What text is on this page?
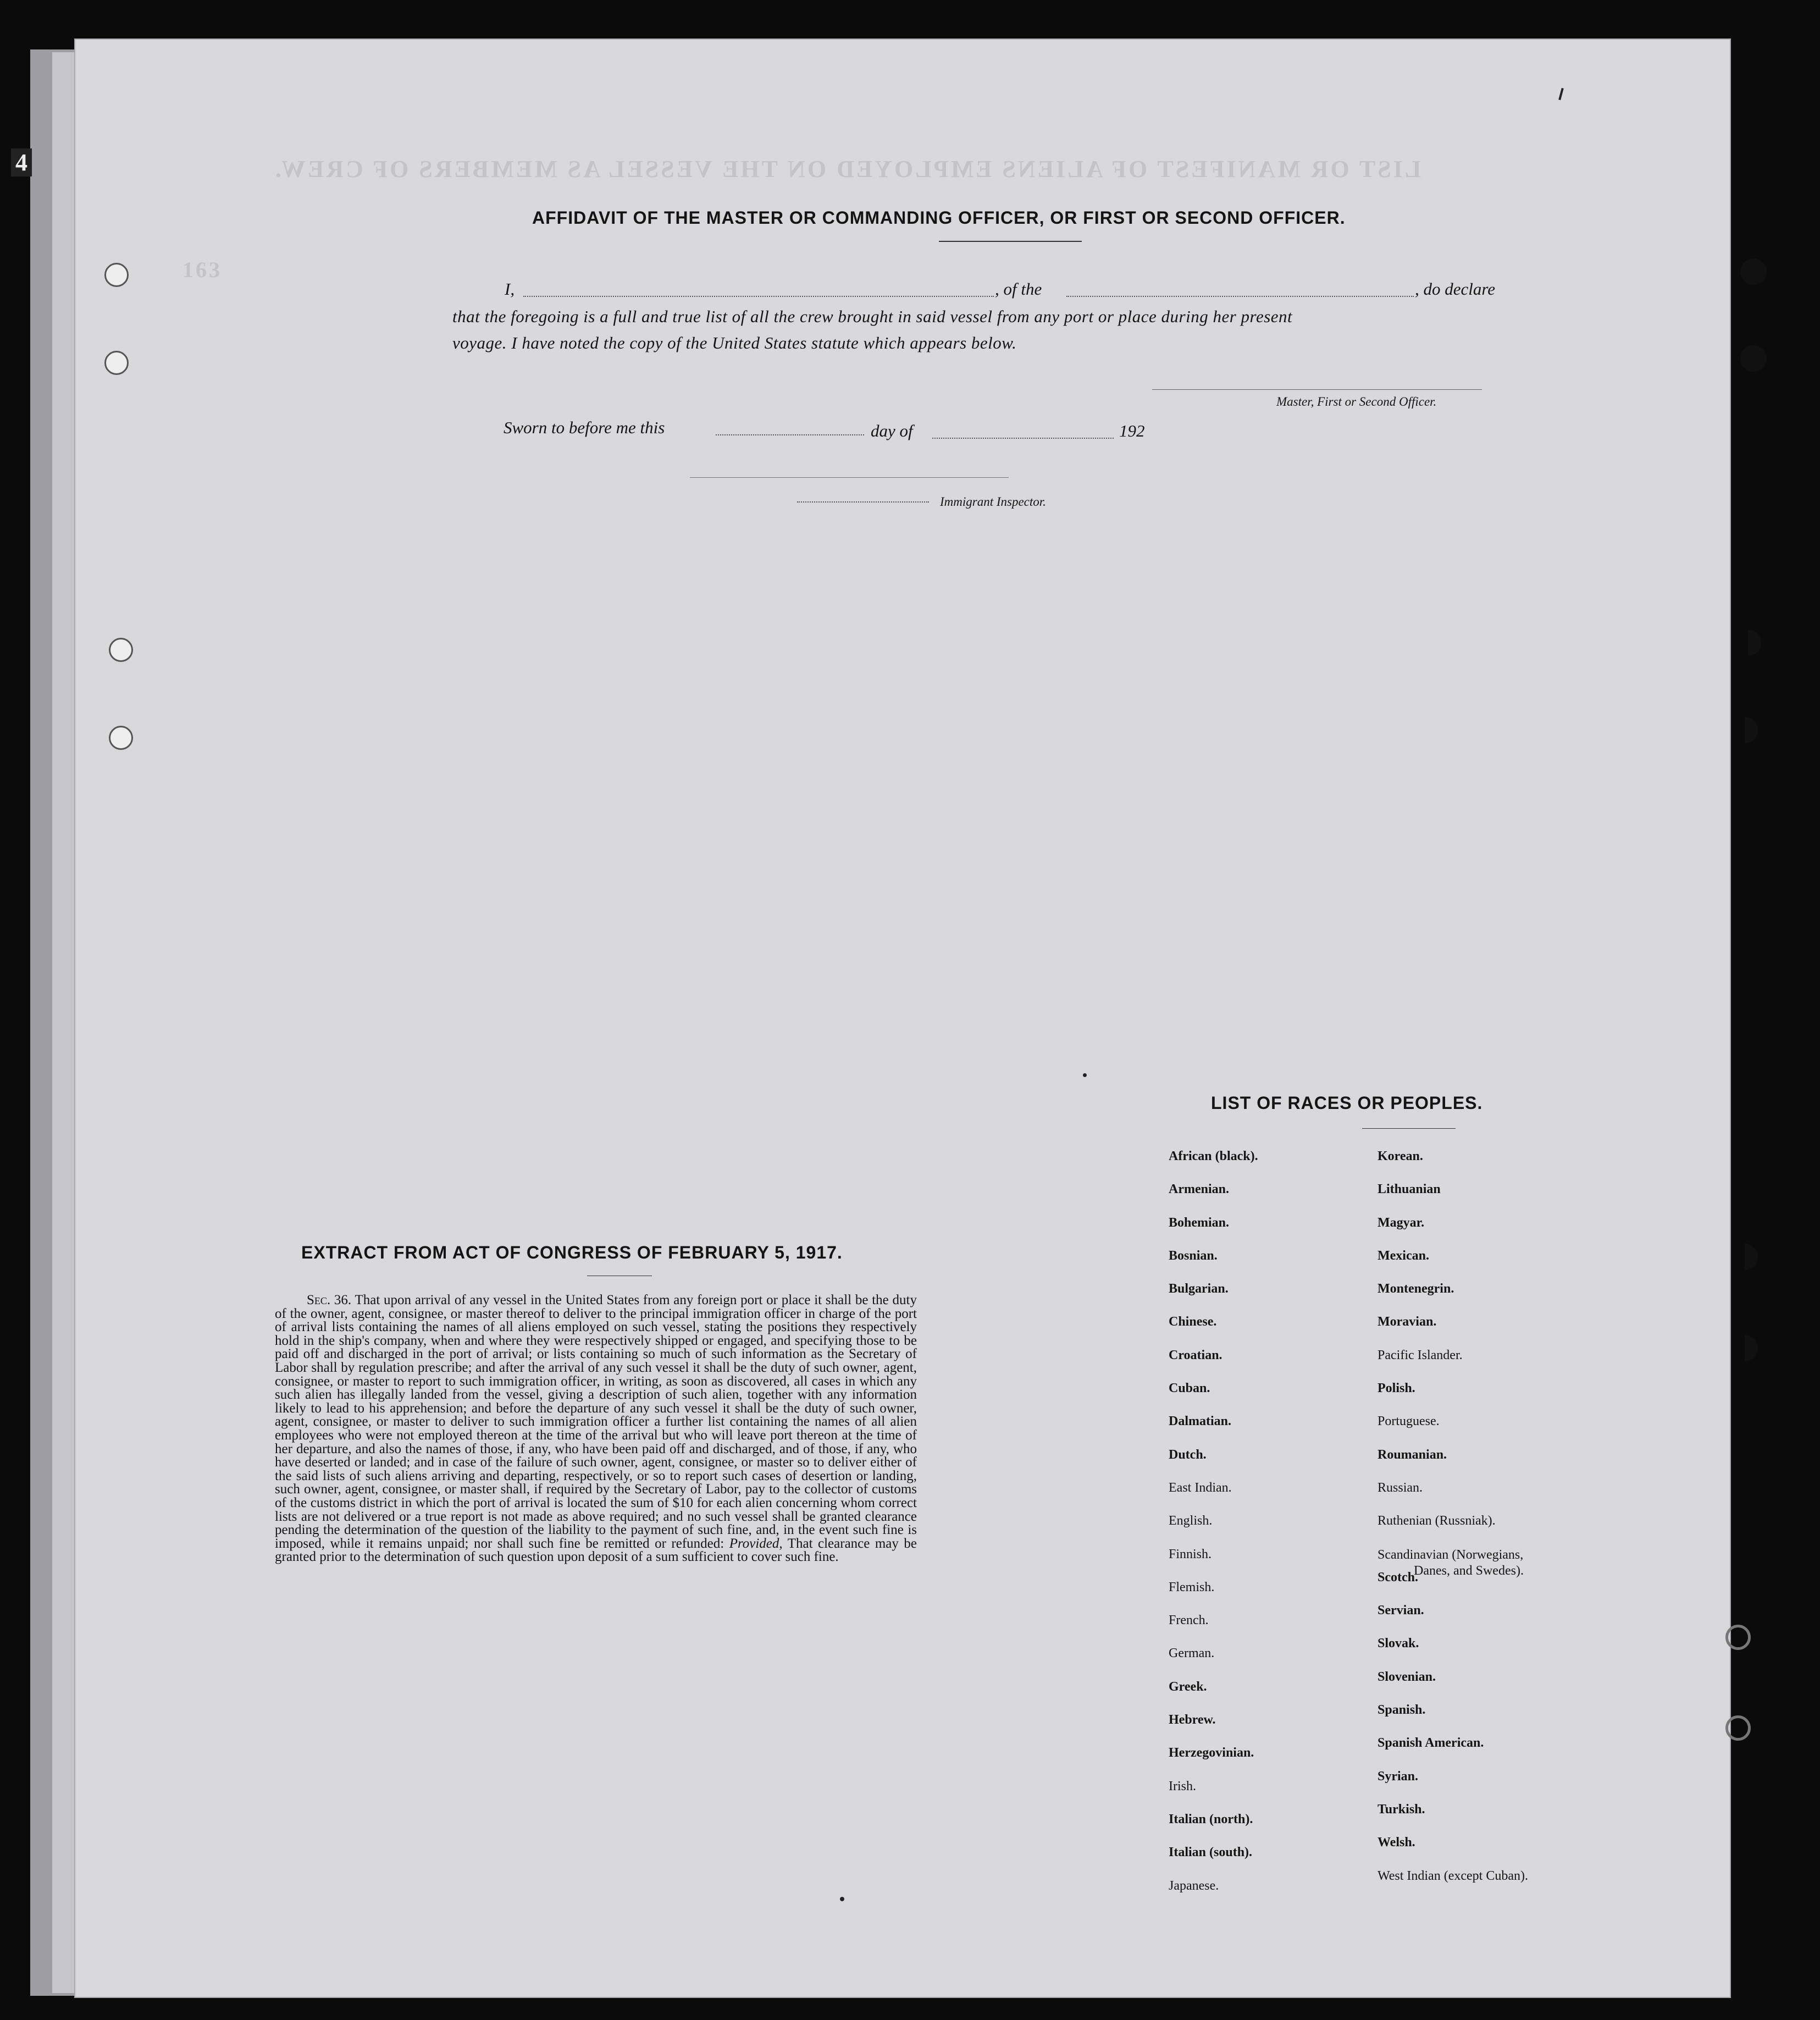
LIST OR MANIFEST OF ALIENS EMPLOYED ON THE VESSEL AS MEMBERS OF CREW.
163
4
AFFIDAVIT OF THE MASTER OR COMMANDING OFFICER, OR FIRST OR SECOND OFFICER.
I,	, of the	, do declare
that the foregoing is a full and true list of all the crew brought in said vessel from any port or place during her present
voyage. I have noted the copy of the United States statute which appears below.
Master, First or Second Officer.
Sworn to before me this	day of	192
Immigrant Inspector.
EXTRACT FROM ACT OF CONGRESS OF FEBRUARY 5, 1917.
Sec. 36. That upon arrival of any vessel in the United States from any foreign port or place it shall be the duty of the owner, agent, consignee, or master thereof to deliver to the principal immigration officer in charge of the port of arrival lists containing the names of all aliens employed on such vessel, stating the positions they respectively hold in the ship's company, when and where they were respectively shipped or engaged, and specifying those to be paid off and discharged in the port of arrival; or lists containing so much of such information as the Secretary of Labor shall by regulation prescribe; and after the arrival of any such vessel it shall be the duty of such owner, agent, consignee, or master to report to such immigration officer, in writing, as soon as discovered, all cases in which any such alien has illegally landed from the vessel, giving a description of such alien, together with any information likely to lead to his apprehension; and before the departure of any such vessel it shall be the duty of such owner, agent, consignee, or master to deliver to such immigration officer a further list containing the names of all alien employees who were not employed thereon at the time of the arrival but who will leave port thereon at the time of her departure, and also the names of those, if any, who have been paid off and discharged, and of those, if any, who have deserted or landed; and in case of the failure of such owner, agent, consignee, or master so to deliver either of the said lists of such aliens arriving and departing, respectively, or so to report such cases of desertion or landing, such owner, agent, consignee, or master shall, if required by the Secretary of Labor, pay to the collector of customs of the customs district in which the port of arrival is located the sum of $10 for each alien concerning whom correct lists are not delivered or a true report is not made as above required; and no such vessel shall be granted clearance pending the determination of the question of the liability to the payment of such fine, and, in the event such fine is imposed, while it remains unpaid; nor shall such fine be remitted or refunded: Provided, That clearance may be granted prior to the determination of such question upon deposit of a sum sufficient to cover such fine.
LIST OF RACES OR PEOPLES.
African (black).
Armenian.
Bohemian.
Bosnian.
Bulgarian.
Chinese.
Croatian.
Cuban.
Dalmatian.
Dutch.
East Indian.
English.
Finnish.
Flemish.
French.
German.
Greek.
Hebrew.
Herzegovinian.
Irish.
Italian (north).
Italian (south).
Japanese.
Korean.
Lithuanian
Magyar.
Mexican.
Montenegrin.
Moravian.
Pacific Islander.
Polish.
Portuguese.
Roumanian.
Russian.
Ruthenian (Russniak).
Scandinavian (Norwegians,
Danes, and Swedes).
Scotch.
Servian.
Slovak.
Slovenian.
Spanish.
Spanish American.
Syrian.
Turkish.
Welsh.
West Indian (except Cuban).
